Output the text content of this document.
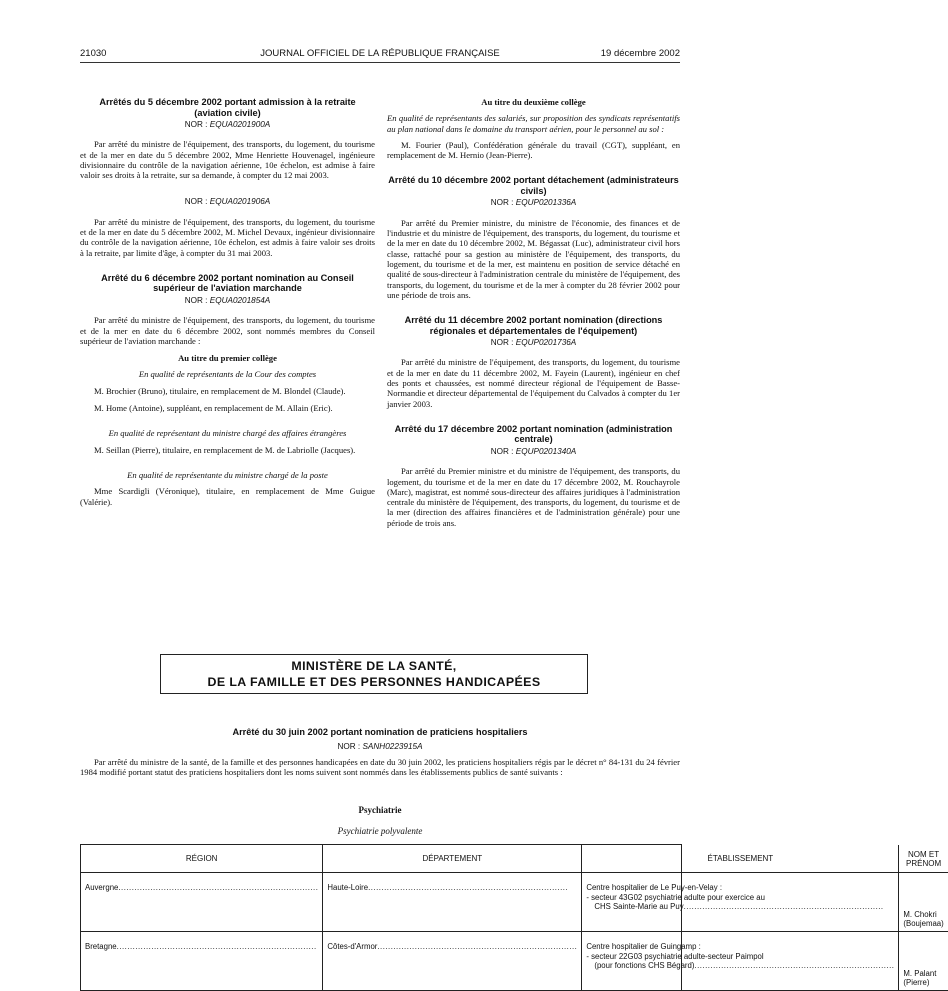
21030	JOURNAL OFFICIEL DE LA RÉPUBLIQUE FRANÇAISE	19 décembre 2002
Arrêtés du 5 décembre 2002 portant admission à la retraite (aviation civile)
NOR : EQUA0201900A

Par arrêté du ministre de l'équipement, des transports, du logement, du tourisme et de la mer en date du 5 décembre 2002, Mme Henriette Houvenagel, ingénieure divisionnaire du contrôle de la navigation aérienne, 10e échelon, est admise à faire valoir ses droits à la retraite, sur sa demande, à compter du 12 mai 2003.

NOR : EQUA0201906A

Par arrêté du ministre de l'équipement, des transports, du logement, du tourisme et de la mer en date du 5 décembre 2002, M. Michel Devaux, ingénieur divisionnaire du contrôle de la navigation aérienne, 10e échelon, est admis à faire valoir ses droits à la retraite, par limite d'âge, à compter du 31 mai 2003.

Arrêté du 6 décembre 2002 portant nomination au Conseil supérieur de l'aviation marchande
NOR : EQUA0201854A

Par arrêté du ministre de l'équipement, des transports, du logement, du tourisme et de la mer en date du 6 décembre 2002, sont nommés membres du Conseil supérieur de l'aviation marchande :

Au titre du premier collège
En qualité de représentants de la Cour des comptes

M. Brochier (Bruno), titulaire, en remplacement de M. Blondel (Claude).

M. Home (Antoine), suppléant, en remplacement de M. Allain (Eric).

En qualité de représentant du ministre chargé des affaires étrangères

M. Seillan (Pierre), titulaire, en remplacement de M. de Labriolle (Jacques).

En qualité de représentante du ministre chargé de la poste

Mme Scardigli (Véronique), titulaire, en remplacement de Mme Guigue (Valérie).

Au titre du deuxième collège
En qualité de représentants des salariés, sur proposition des syndicats représentatifs au plan national dans le domaine du transport aérien, pour le personnel au sol :

M. Fourier (Paul), Confédération générale du travail (CGT), suppléant, en remplacement de M. Hernio (Jean-Pierre).

Arrêté du 10 décembre 2002 portant détachement (administrateurs civils)
NOR : EQUP0201336A

Par arrêté du Premier ministre, du ministre de l'économie, des finances et de l'industrie et du ministre de l'équipement, des transports, du logement, du tourisme et de la mer en date du 10 décembre 2002, M. Bégassat (Luc), administrateur civil hors classe, rattaché pour sa gestion au ministère de l'équipement, des transports, du logement, du tourisme et de la mer, est maintenu en position de service détaché en qualité de sous-directeur à l'administration centrale du ministère de l'équipement, des transports, du logement, du tourisme et de la mer à compter du 28 février 2002 pour une période de trois ans.

Arrêté du 11 décembre 2002 portant nomination (directions régionales et départementales de l'équipement)
NOR : EQUP0201736A

Par arrêté du ministre de l'équipement, des transports, du logement, du tourisme et de la mer en date du 11 décembre 2002, M. Fayein (Laurent), ingénieur en chef des ponts et chaussées, est nommé directeur régional de l'équipement de Basse-Normandie et directeur départemental de l'équipement du Calvados à compter du 1er janvier 2003.

Arrêté du 17 décembre 2002 portant nomination (administration centrale)
NOR : EQUP0201340A

Par arrêté du Premier ministre et du ministre de l'équipement, des transports, du logement, du tourisme et de la mer en date du 17 décembre 2002, M. Rouchayrole (Marc), magistrat, est nommé sous-directeur des affaires juridiques à l'administration centrale du ministère de l'équipement, des transports, du logement, du tourisme et de la mer (direction des affaires financières et de l'administration générale) pour une période de trois ans.

MINISTÈRE DE LA SANTÉ,
DE LA FAMILLE ET DES PERSONNES HANDICAPÉES
Arrêté du 30 juin 2002 portant nomination de praticiens hospitaliers
NOR : SANH0223915A
Par arrêté du ministre de la santé, de la famille et des personnes handicapées en date du 30 juin 2002, les praticiens hospitaliers régis par le décret n° 84-131 du 24 février 1984 modifié portant statut des praticiens hospitaliers dont les noms suivent sont nommés dans les établissements publics de santé suivants :
Psychiatrie
Psychiatrie polyvalente
RÉGION	DÉPARTEMENT	ÉTABLISSEMENT	NOM ET PRÉNOM
Auvergne .....	Haute-Loire .....	Centre hospitalier de Le Puy-en-Velay :
- secteur 43G02 psychiatrie adulte pour exercice au
CHS Sainte-Marie au Puy .....	M. Chokri (Boujemaa)
Bretagne .....	Côtes-d'Armor .....	Centre hospitalier de Guingamp :
- secteur 22G03 psychiatrie adulte-secteur Paimpol
(pour fonctions CHS Bégard) .....	M. Palant (Pierre)
